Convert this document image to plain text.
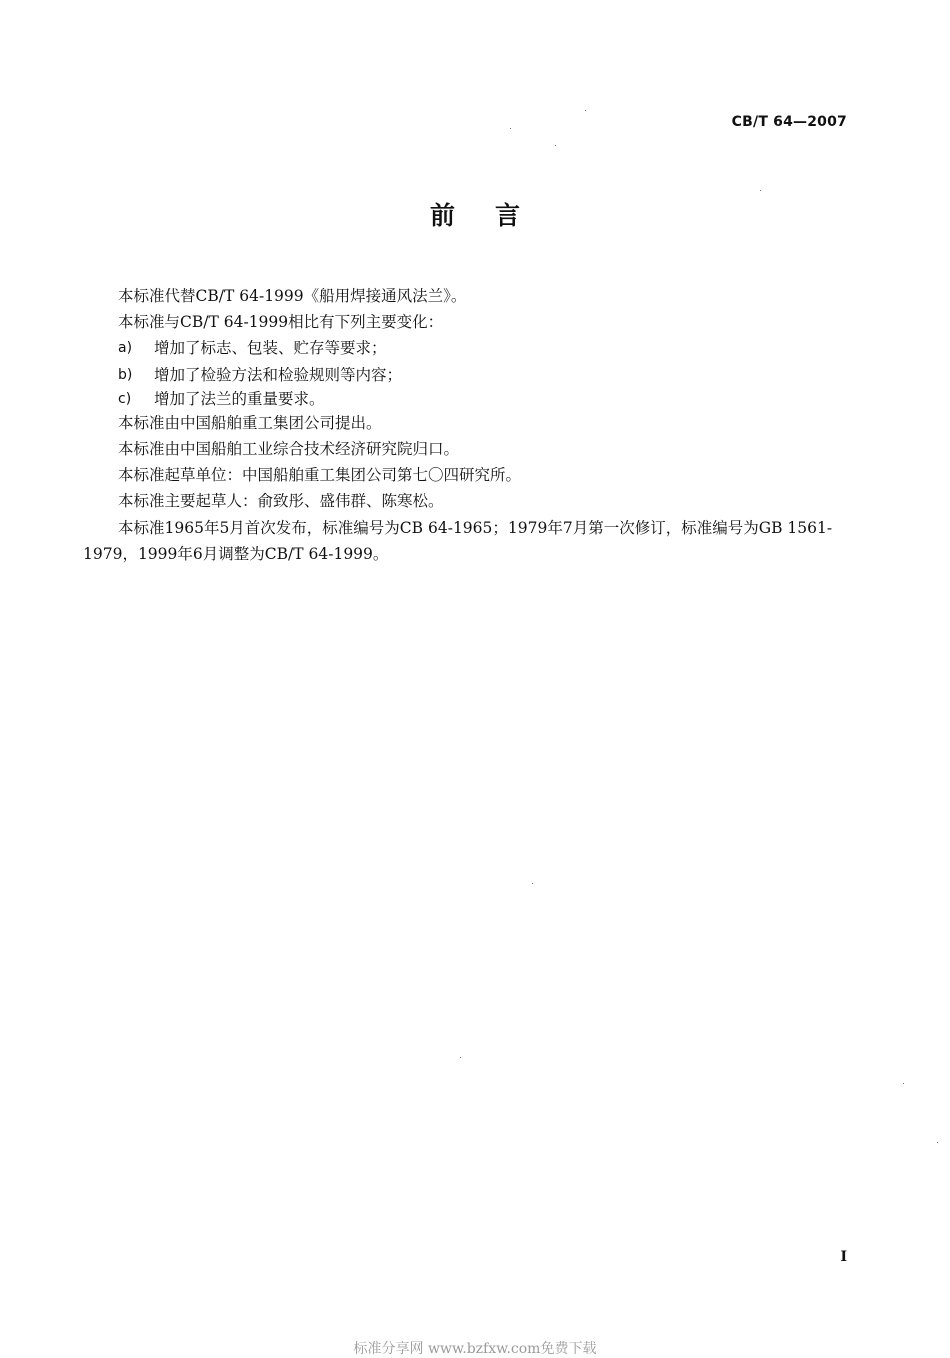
CB/T 64—2007
前 言

本标准代替CB/T 64-1999《船用焊接通风法兰》。

本标准与CB/T 64-1999相比有下列主要变化：

a)	增加了标志、包装、贮存等要求；
b)	增加了检验方法和检验规则等内容；
c)	增加了法兰的重量要求。

本标准由中国船舶重工集团公司提出。

本标准由中国船舶工业综合技术经济研究院归口。

本标准起草单位：中国船舶重工集团公司第七〇四研究所。

本标准主要起草人：俞致彤、盛伟群、陈寒松。

本标准1965年5月首次发布，标准编号为CB 64-1965；1979年7月第一次修订，标准编号为GB 1561-1979，1999年6月调整为CB/T 64-1999。

I
标准分享网 www.bzfxw.com免费下载
